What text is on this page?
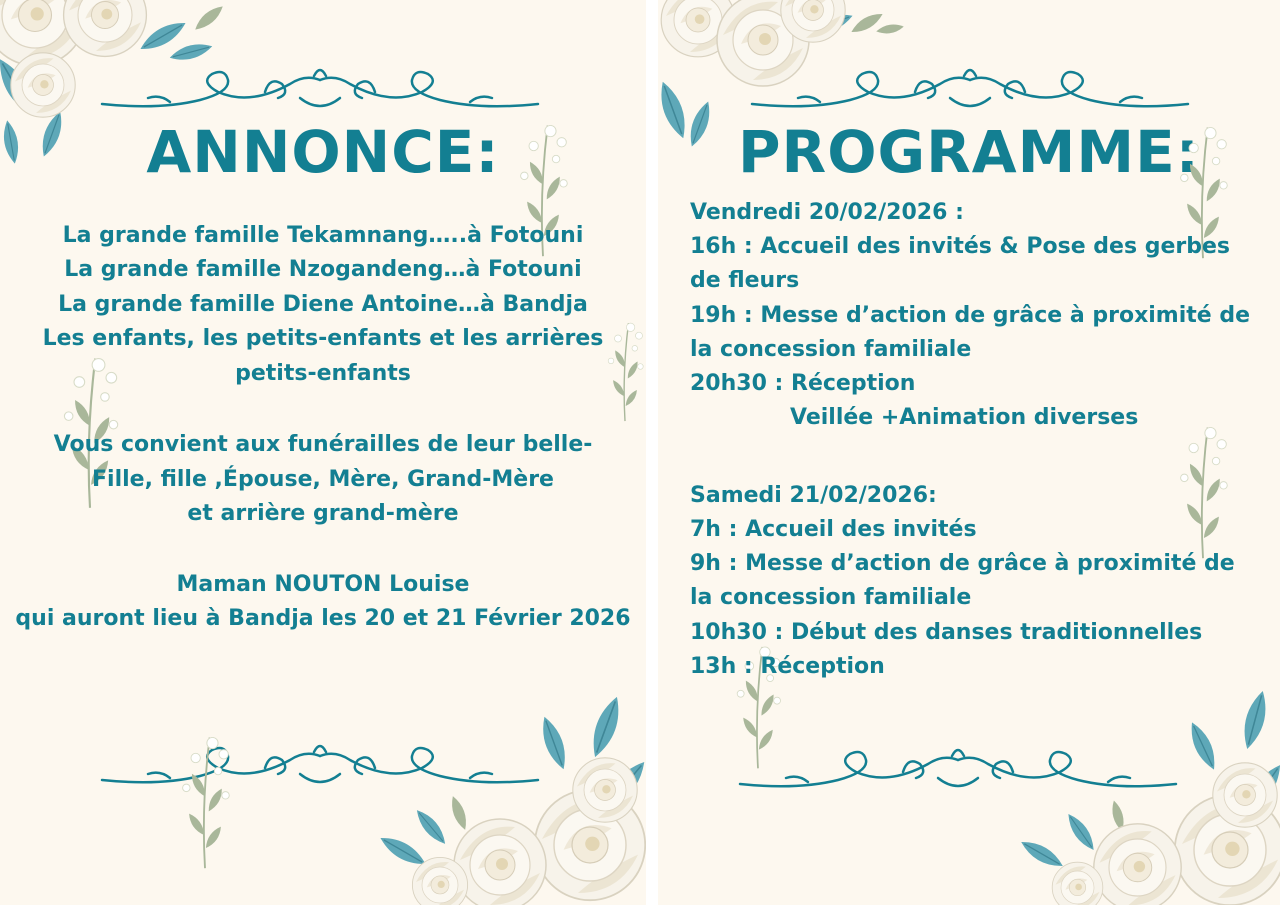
ANNONCE:

La grande famille Tekamnang…..à Fotouni

La grande famille Nzogandeng…à Fotouni

La grande famille Diene Antoine…à Bandja

Les enfants, les petits-enfants et les arrières

petits-enfants

Vous convient aux funérailles de leur belle-

Fille, fille ,Épouse, Mère, Grand-Mère

et arrière grand-mère

Maman NOUTON Louise

qui auront lieu à Bandja les 20 et 21 Février 2026

PROGRAMME:

Vendredi 20/02/2026 :

16h : Accueil des invités & Pose des gerbes

de fleurs

19h : Messe d’action de grâce à proximité de

la concession familiale

20h30 : Réception

Veillée +Animation diverses

Samedi 21/02/2026:

7h : Accueil des invités

9h : Messe d’action de grâce à proximité de

la concession familiale

10h30 : Début des danses traditionnelles

13h : Réception
